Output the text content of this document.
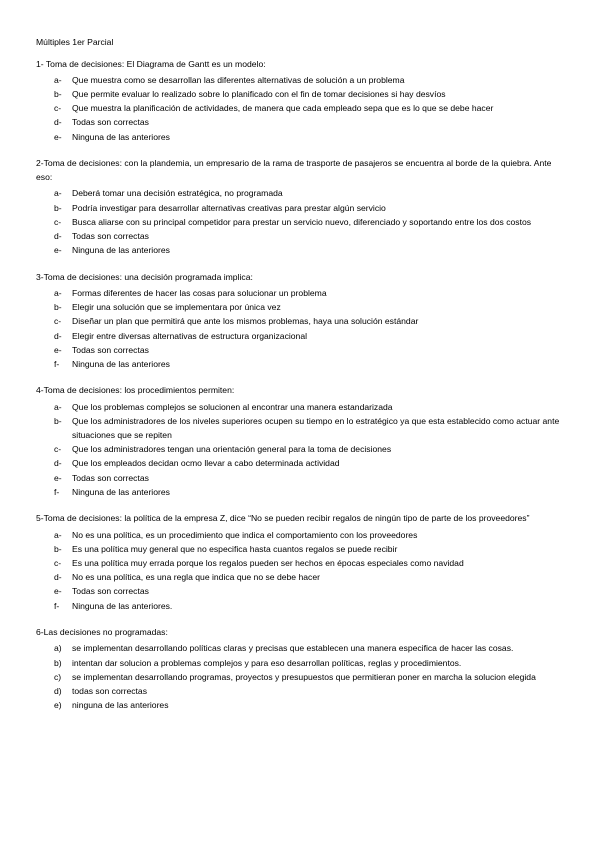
Múltiples 1er Parcial
1- Toma de decisiones: El Diagrama de Gantt es un modelo:
a-	Que muestra como se desarrollan las diferentes alternativas de solución a un problema
b-	Que permite evaluar lo realizado sobre lo planificado con el fin de tomar decisiones si hay desvíos
c-	Que muestra la planificación de actividades, de manera que cada empleado sepa que es lo que se debe hacer
d-	Todas son correctas
e-	Ninguna de las anteriores
2-Toma de decisiones: con la plandemia, un empresario de la rama de trasporte de pasajeros se encuentra al borde de la quiebra. Ante eso:
a-	Deberá tomar una decisión estratégica, no programada
b-	Podría investigar para desarrollar alternativas creativas para prestar algún servicio
c-	Busca aliarse con su principal competidor para prestar un servicio nuevo, diferenciado y soportando entre los dos costos
d-	Todas son correctas
e-	Ninguna de las anteriores
3-Toma de decisiones: una decisión programada implica:
a-	Formas diferentes de hacer las cosas para solucionar un problema
b-	Elegir una solución que se implementara por única vez
c-	Diseñar un plan que permitirá que ante los mismos problemas, haya una solución estándar
d-	Elegir entre diversas alternativas de estructura organizacional
e-	Todas son correctas
f-	Ninguna de las anteriores
4-Toma de decisiones: los procedimientos permiten:
a-	Que los problemas complejos se solucionen al encontrar una manera estandarizada
b-	Que los administradores de los niveles superiores ocupen su tiempo en lo estratégico ya que esta establecido como actuar ante situaciones que se repiten
c-	Que los administradores tengan una orientación general para la toma de decisiones
d-	Que los empleados decidan ocmo llevar a cabo determinada actividad
e-	Todas son correctas
f-	Ninguna de las anteriores
5-Toma de decisiones: la política de la empresa Z, dice “No se pueden recibir regalos de ningún tipo de parte de los proveedores”
a-	No es una política, es un procedimiento que indica el comportamiento con los proveedores
b-	Es una política muy general que no especifica hasta cuantos regalos se puede recibir
c-	Es una política muy errada porque los regalos pueden ser hechos en épocas especiales como navidad
d-	No es una política, es una regla que indica que no se debe hacer
e-	Todas son correctas
f-	Ninguna de las anteriores.
6-Las decisiones no programadas:
a)	se implementan desarrollando políticas claras y precisas que establecen una manera especifica de hacer las cosas.
b)	intentan dar solucion a problemas complejos y para eso desarrollan políticas, reglas y procedimientos.
c)	se implementan desarrollando programas, proyectos y presupuestos que permitieran poner en marcha la solucion elegida
d)	todas son correctas
e)	ninguna de las anteriores
